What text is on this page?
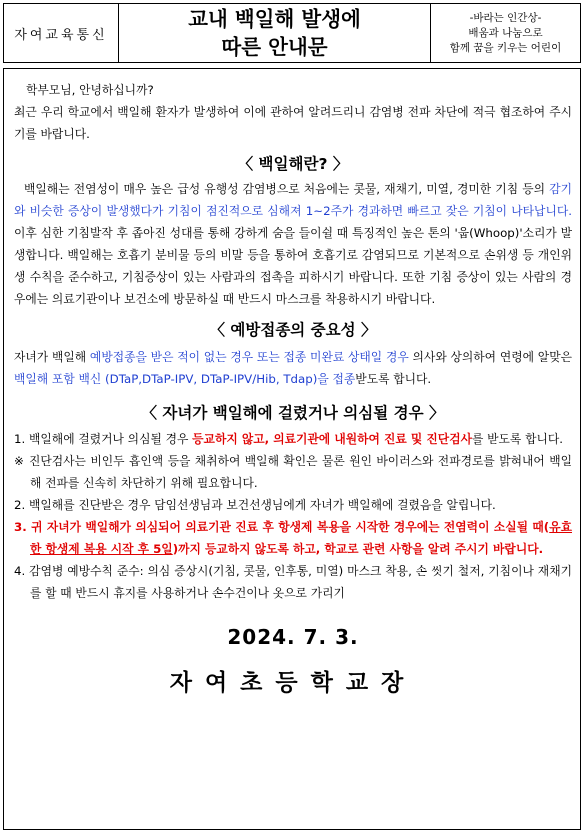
자여교육통신
교내 백일해 발생에
따른 안내문
-바라는 인간상-
배움과 나눔으로
함께 꿈을 키우는 어린이

학부모님, 안녕하십니까?

최근 우리 학교에서 백일해 환자가 발생하여 이에 관하여 알려드리니 감염병 전파 차단에 적극 협조하여 주시기를 바랍니다.

〈 백일해란? 〉

백일해는 전염성이 매우 높은 급성 유행성 감염병으로 처음에는 콧물, 재채기, 미열, 경미한 기침 등의 감기와 비슷한 증상이 발생했다가 기침이 점진적으로 심해져 1~2주가 경과하면 빠르고 잦은 기침이 나타납니다. 이후 심한 기침발작 후 좁아진 성대를 통해 강하게 숨을 들이쉴 때 특징적인 높은 톤의 '웁(Whoop)'소리가 발생합니다. 백일해는 호흡기 분비물 등의 비말 등을 통하여 호흡기로 감염되므로 기본적으로 손위생 등 개인위생 수칙을 준수하고, 기침증상이 있는 사람과의 접촉을 피하시기 바랍니다. 또한 기침 증상이 있는 사람의 경우에는 의료기관이나 보건소에 방문하실 때 반드시 마스크를 착용하시기 바랍니다.

〈 예방접종의 중요성 〉

자녀가 백일해 예방접종을 받은 적이 없는 경우 또는 접종 미완료 상태일 경우 의사와 상의하여 연령에 알맞은 백일해 포함 백신 (DTaP,DTaP-IPV, DTaP-IPV/Hib, Tdap)을 접종받도록 합니다.

〈 자녀가 백일해에 걸렸거나 의심될 경우 〉

1. 백일해에 걸렸거나 의심될 경우 등교하지 않고, 의료기관에 내원하여 진료 및 진단검사를 받도록 합니다.
※ 진단검사는 비인두 흡인액 등을 채취하여 백일해 확인은 물론 원인 바이러스와 전파경로를 밝혀내어 백일해 전파를 신속히 차단하기 위해 필요합니다.
2. 백일해를 진단받은 경우 담임선생님과 보건선생님에게 자녀가 백일해에 걸렸음을 알립니다.
3. 귀 자녀가 백일해가 의심되어 의료기관 진료 후 항생제 복용을 시작한 경우에는 전염력이 소실될 때(유효한 항생제 복용 시작 후 5일)까지 등교하지 않도록 하고, 학교로 관련 사항을 알려 주시기 바랍니다.
4. 감염병 예방수칙 준수: 의심 증상시(기침, 콧물, 인후통, 미열) 마스크 착용, 손 씻기 철저, 기침이나 재채기를 할 때 반드시 휴지를 사용하거나 손수건이나 옷으로 가리기

2024. 7. 3.

자여초등학교장
